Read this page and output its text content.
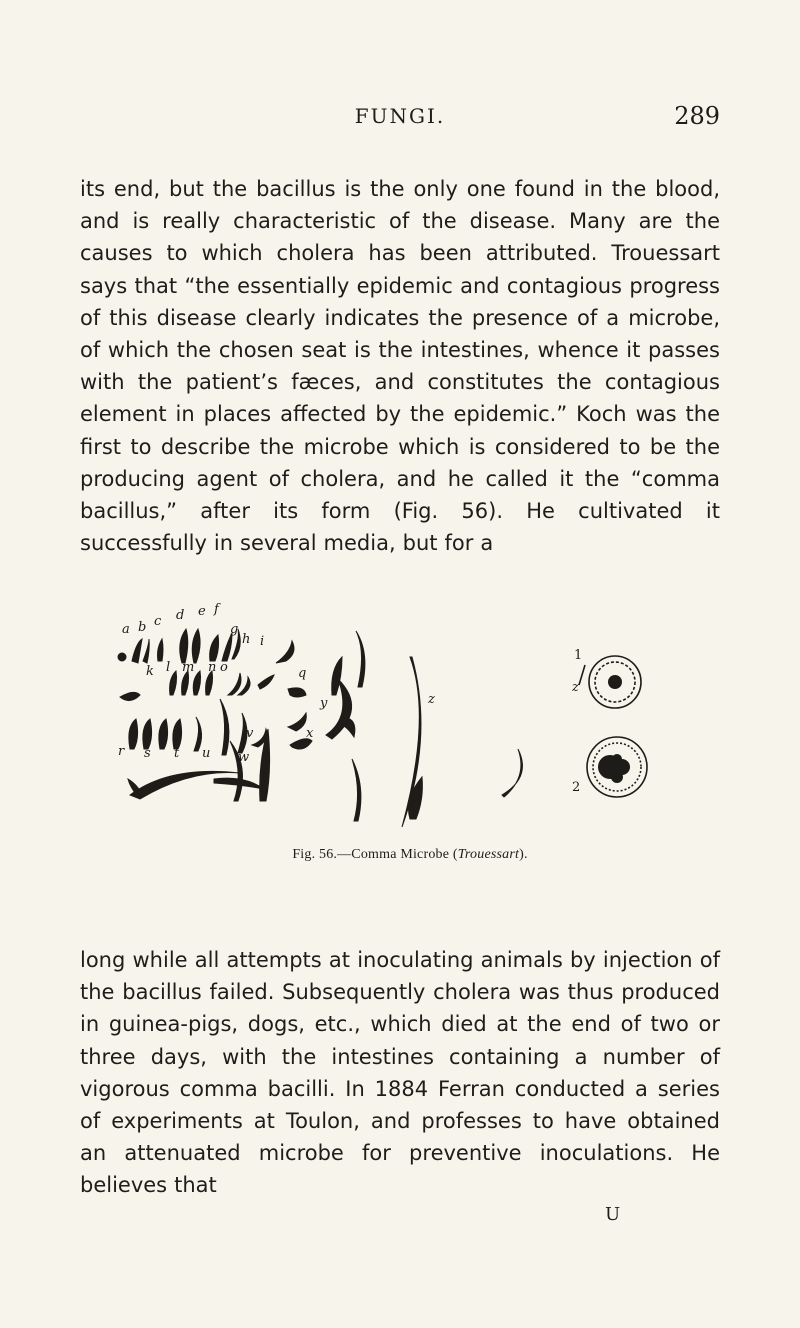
FUNGI.	289

its end, but the bacillus is the only one found in the blood, and is really characteristic of the disease. Many are the causes to which cholera has been attributed. Trouessart says that “the essentially epidemic and contagious progress of this disease clearly indicates the presence of a microbe, of which the chosen seat is the intestines, whence it passes with the patient’s fæces, and constitutes the contagious element in places affected by the epidemic.” Koch was the first to describe the microbe which is considered to be the producing agent of cholera, and he called it the “comma bacillus,” after its form (Fig. 56). He cultivated it successfully in several media, but for a

a b c d e f
g
h i
k l m n o	q
r s t u
v
w
x
y	z
z
2
1
Fig. 56.—Comma Microbe (Trouessart).

long while all attempts at inoculating animals by injection of the bacillus failed. Subsequently cholera was thus produced in guinea-pigs, dogs, etc., which died at the end of two or three days, with the intestines containing a number of vigorous comma bacilli. In 1884 Ferran conducted a series of experiments at Toulon, and professes to have obtained an attenuated microbe for preventive inoculations. He believes that

U
